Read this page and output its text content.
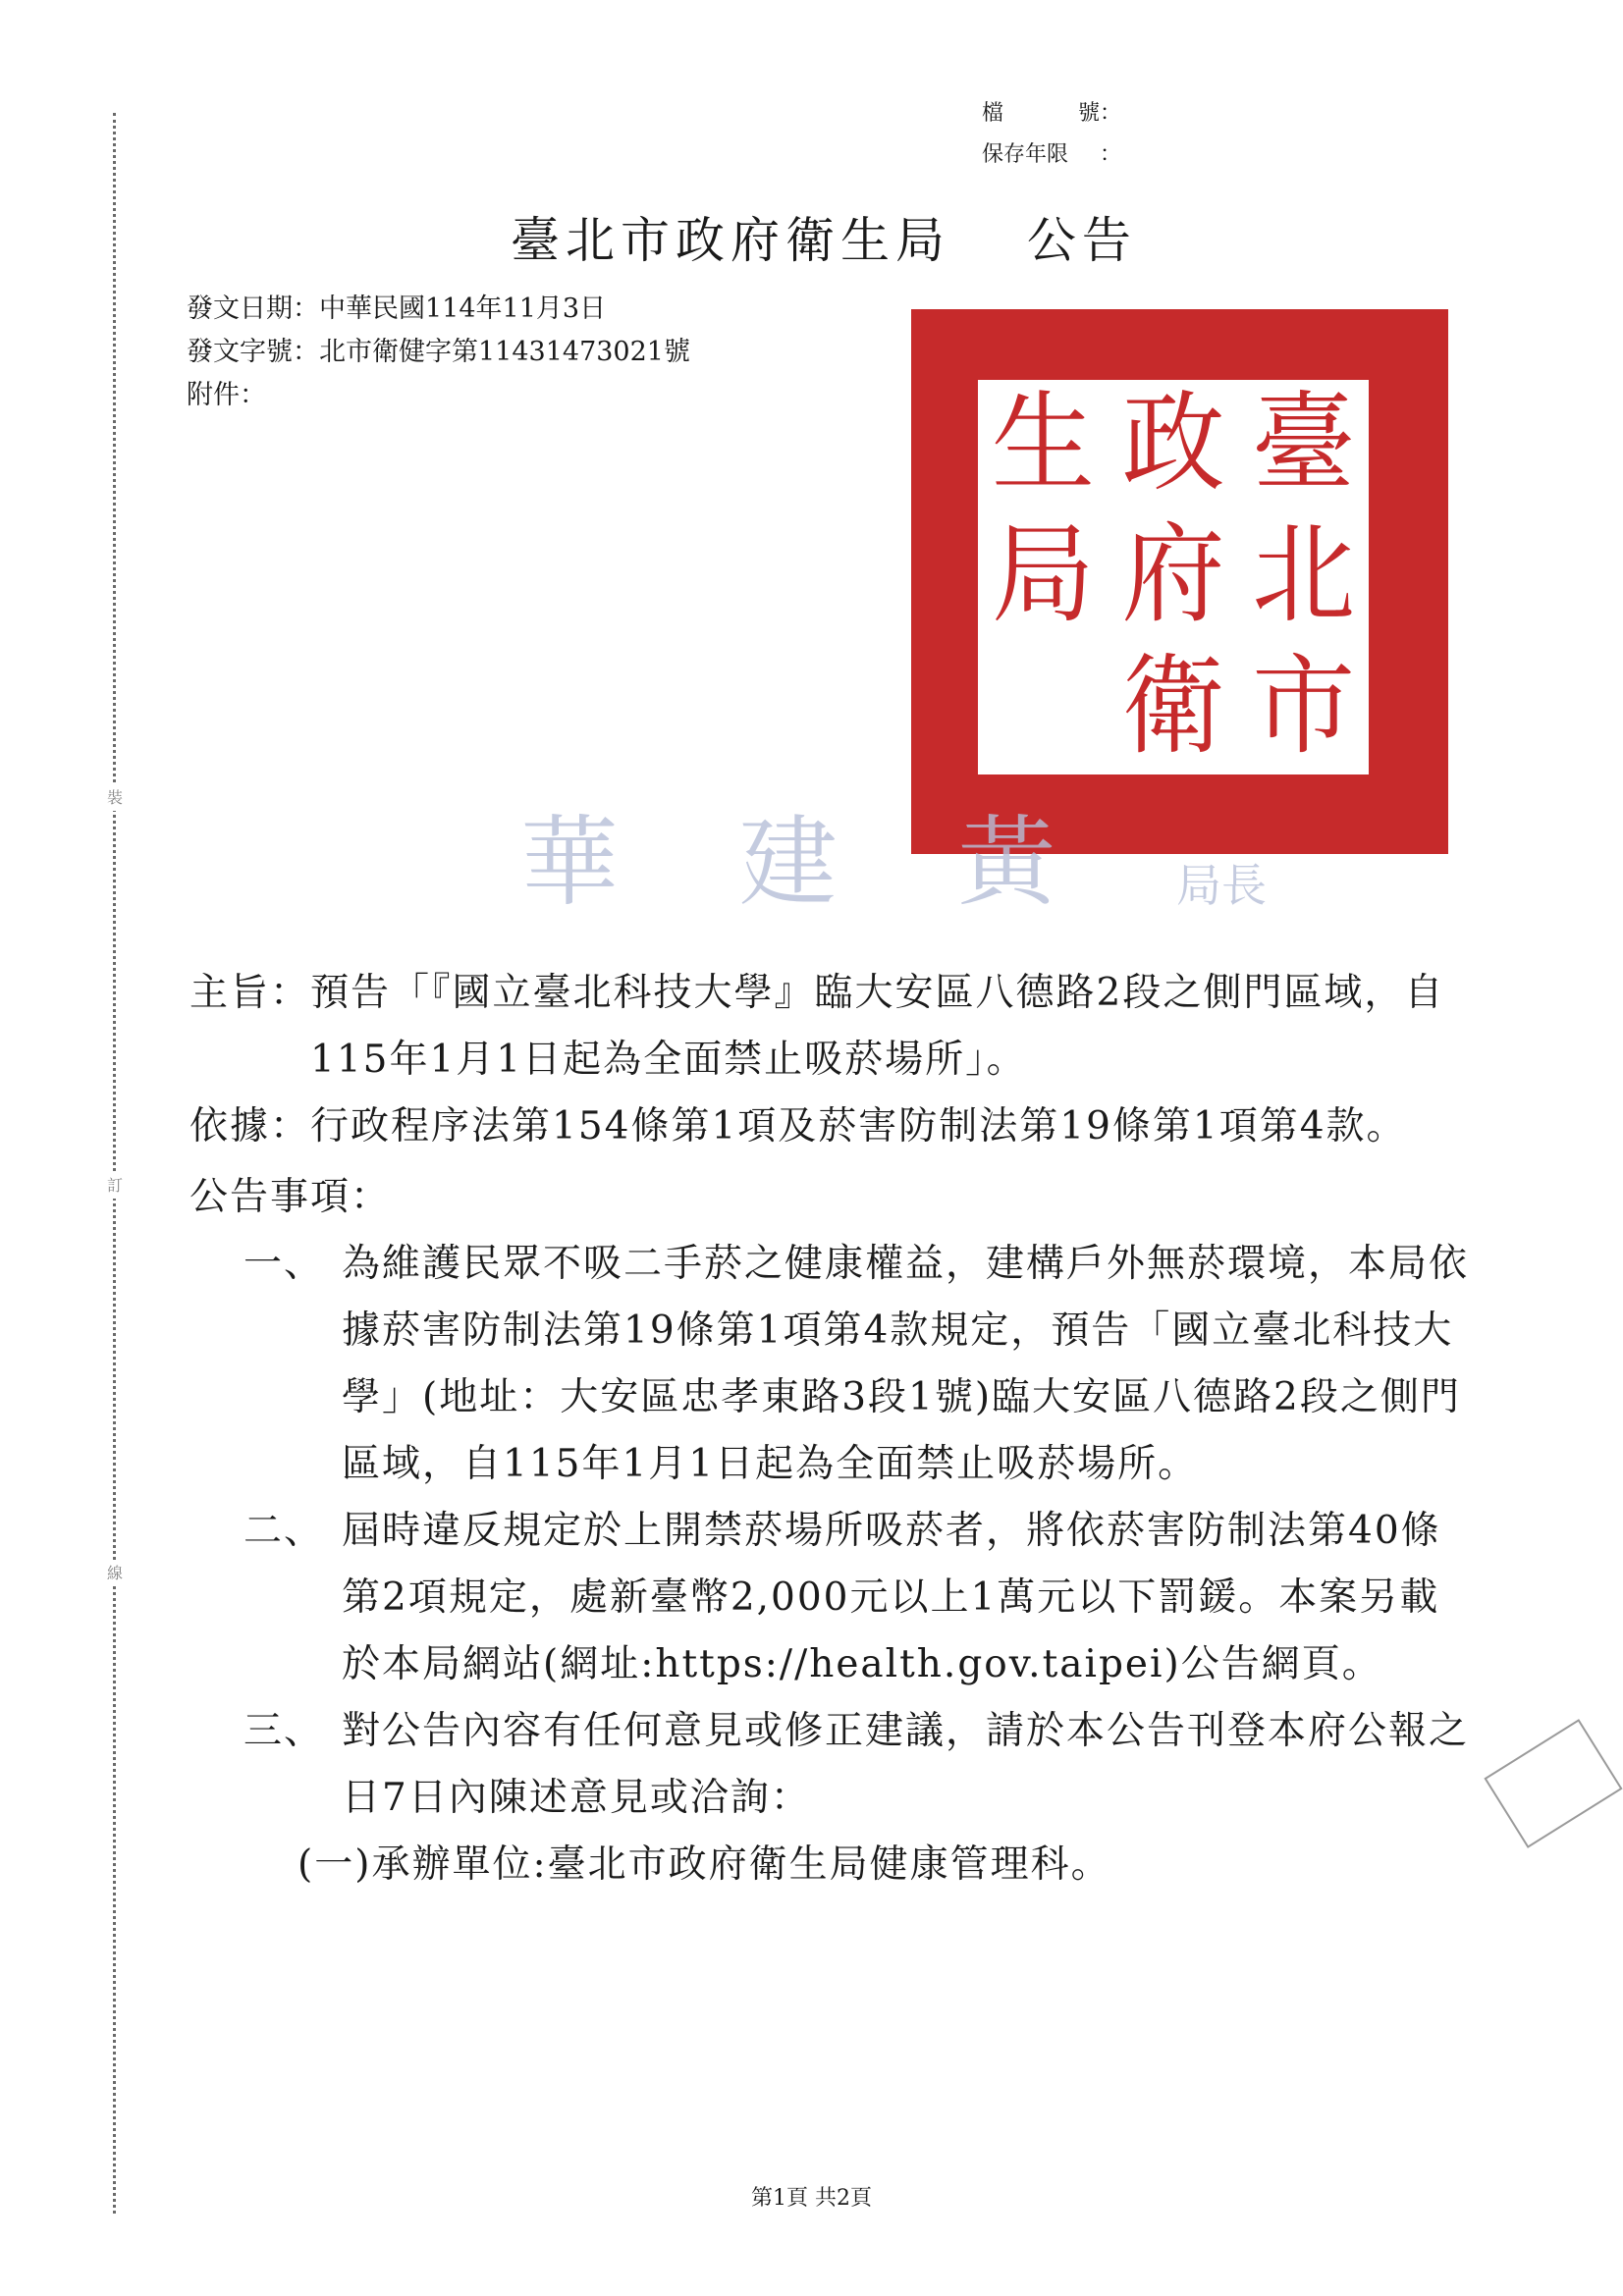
裝
訂
線
檔	號 ：
保存年限	：
臺北市政府衛生局　 公告
發文日期：中華民國114年11月3日
發文字號：北市衛健字第11431473021號
附件：	臺
政
生
北
府
局
市
衛
局長
黃
建
華
主旨： 預告「『國立臺北科技大學』臨大安區八德路2段之側門區域，自115年1月1日起為全面禁止吸菸場所」。
依據： 行政程序法第154條第1項及菸害防制法第19條第1項第4款。
公告事項：
一、 為維護民眾不吸二手菸之健康權益，建構戶外無菸環境，本局依據菸害防制法第19條第1項第4款規定，預告「國立臺北科技大學」(地址：大安區忠孝東路3段1號)臨大安區八德路2段之側門區域，自115年1月1日起為全面禁止吸菸場所。
二、 屆時違反規定於上開禁菸場所吸菸者，將依菸害防制法第40條第2項規定，處新臺幣2,000元以上1萬元以下罰鍰。本案另載於本局網站(網址:https://health.gov.taipei)公告網頁。
三、 對公告內容有任何意見或修正建議，請於本公告刊登本府公報之日7日內陳述意見或洽詢：
(一)承辦單位:臺北市政府衛生局健康管理科。
第1頁 共2頁
